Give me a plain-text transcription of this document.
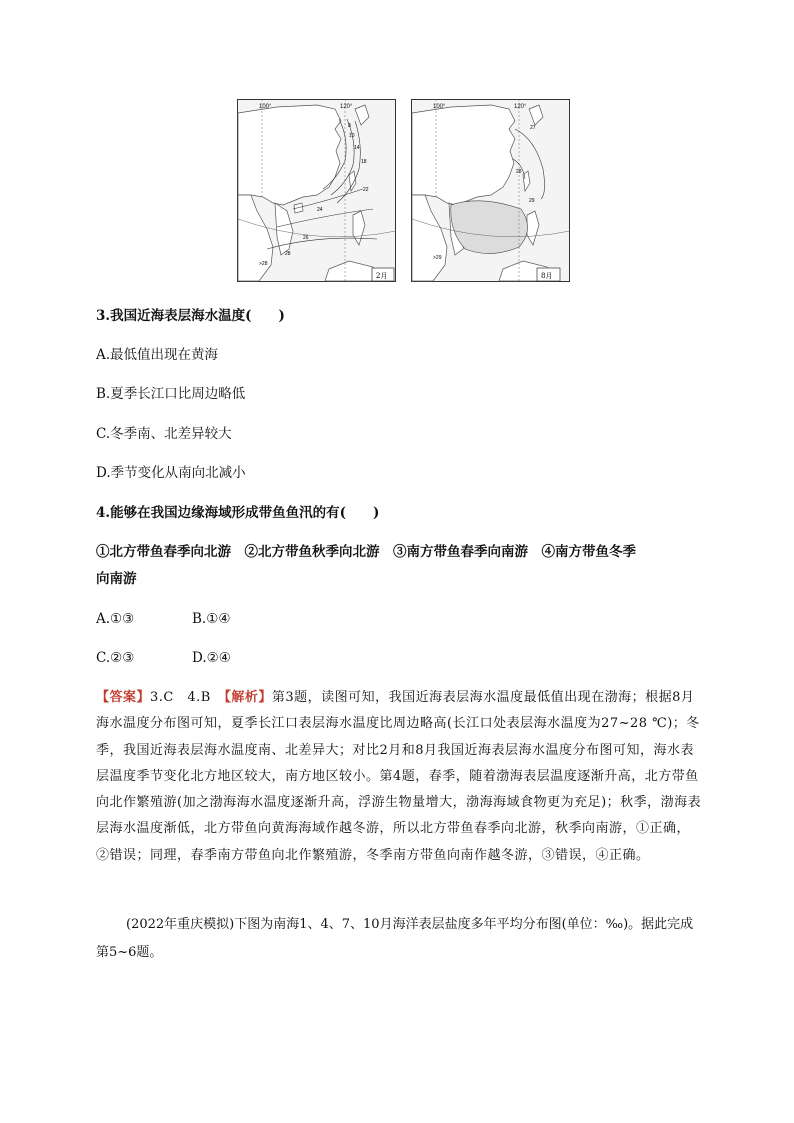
100°	120°
10
14
18
22
24
26
28
>28
8
2月
100°	120°
27
28
29
>29
8月
3.我国近海表层海水温度(　　)
A.最低值出现在黄海
B.夏季长江口比周边略低
C.冬季南、北差异较大
D.季节变化从南向北减小
4.能够在我国边缘海域形成带鱼鱼汛的有(　　)
①北方带鱼春季向北游　②北方带鱼秋季向北游　③南方带鱼春季向南游　④南方带鱼冬季
向南游
A.①③	B.①④
C.②③	D.②④
【答案】3.C　4.B　【解析】第3题，读图可知，我国近海表层海水温度最低值出现在渤海；根据8月海水温度分布图可知，夏季长江口表层海水温度比周边略高(长江口处表层海水温度为27~28 ℃)；冬季，我国近海表层海水温度南、北差异大；对比2月和8月我国近海表层海水温度分布图可知，海水表层温度季节变化北方地区较大，南方地区较小。第4题，春季，随着渤海表层温度逐渐升高，北方带鱼向北作繁殖游(加之渤海海水温度逐渐升高，浮游生物量增大，渤海海域食物更为充足)；秋季，渤海表层海水温度渐低，北方带鱼向黄海海域作越冬游，所以北方带鱼春季向北游，秋季向南游，①正确，②错误；同理，春季南方带鱼向北作繁殖游，冬季南方带鱼向南作越冬游，③错误，④正确。
(2022年重庆模拟)下图为南海1、4、7、10月海洋表层盐度多年平均分布图(单位：‰)。据此完成第5~6题。
